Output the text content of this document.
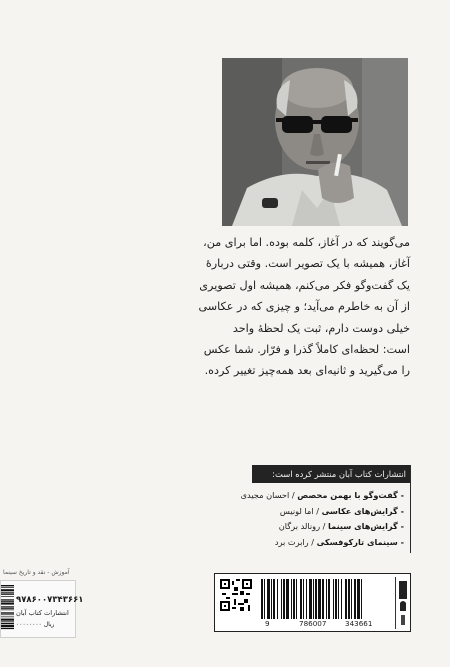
می‌گویند که در آغاز، کلمه بوده. اما برای من،
آغاز، همیشه با یک تصویر است. وقتی درباره‌ٔ
یک گفت‌وگو فکر می‌کنم، همیشه اول تصویری
از آن به خاطرم می‌آید؛ و چیزی که در عکاسی
خیلی دوست دارم، ثبت یک لحظه‌ٔ واحد
است: لحظه‌ای کاملاً گذرا و فرّار. شما عکس
را می‌گیرید و ثانیه‌ای بعد همه‌چیز تغییر کرده.
انتشارات کتاب آبان منتشر کرده است:
- گفت‌وگو با بهمن محصص / احسان مجیدی
- گرایش‌های عکاسی / اما لونیس
- گرایش‌های سینما / رونالد برگان
- سینمای تارکوفسکی / رابرت برد
9	786007	343661
آموزش - نقد و تاریخ سینما
۹۷۸۶۰۰۷۳۴۳۶۶۱
انتشارات کتاب آبان
۰۰۰۰۰۰۰۰ ریال
